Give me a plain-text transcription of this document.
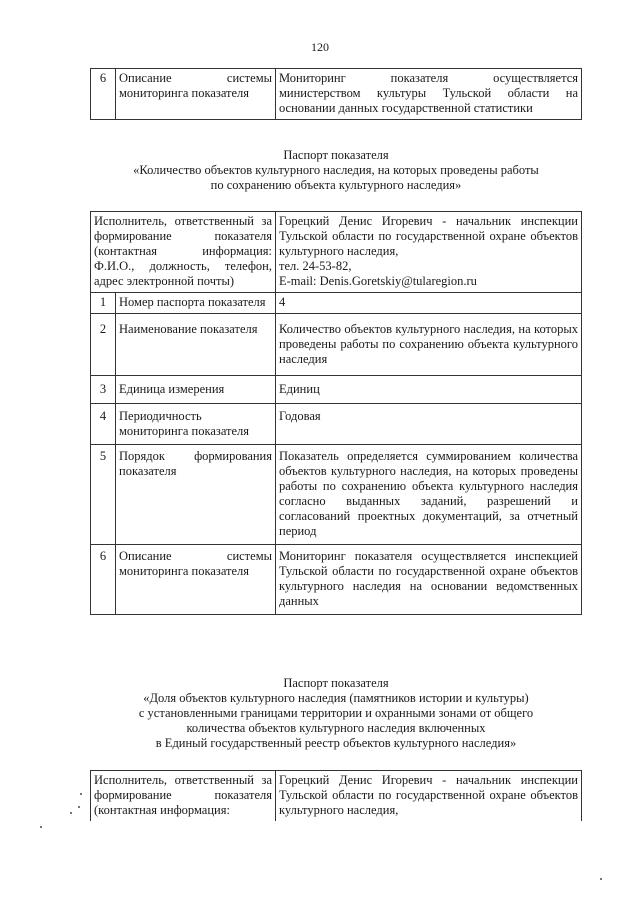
120
6	Описание системы мониторинга показателя	Мониторинг показателя осуществляется министерством культуры Тульской области на основании данных государственной статистики
Паспорт показателя
«Количество объектов культурного наследия, на которых проведены работы
по сохранению объекта культурного наследия»
Исполнитель, ответственный за формирование показателя (контактная информация: Ф.И.О., должность, телефон, адрес электронной почты)		Горецкий Денис Игоревич - начальник инспекции Тульской области по государственной охране объектов культурного наследия,
тел. 24-53-82,
E-mail: Denis.Goretskiy@tularegion.ru

1	Номер паспорта показателя	4
2	Наименование показателя	Количество объектов культурного наследия, на которых проведены работы по сохранению объекта культурного наследия
3	Единица измерения	Единиц
4	Периодичность мониторинга показателя	Годовая
5	Порядок формирования показателя	Показатель определяется суммированием количества объектов культурного наследия, на которых проведены работы по сохранению объекта культурного наследия согласно выданных заданий, разрешений и согласований проектных документаций, за отчетный период
6	Описание системы мониторинга показателя	Мониторинг показателя осуществляется инспекцией Тульской области по государственной охране объектов культурного наследия на основании ведомственных данных
Паспорт показателя
«Доля объектов культурного наследия (памятников истории и культуры)
с установленными границами территории и охранными зонами от общего
количества объектов культурного наследия включенных
в Единый государственный реестр объектов культурного наследия»
Исполнитель, ответственный за формирование показателя (контактная информация:	Горецкий Денис Игоревич - начальник инспекции Тульской области по государственной охране объектов культурного наследия,
